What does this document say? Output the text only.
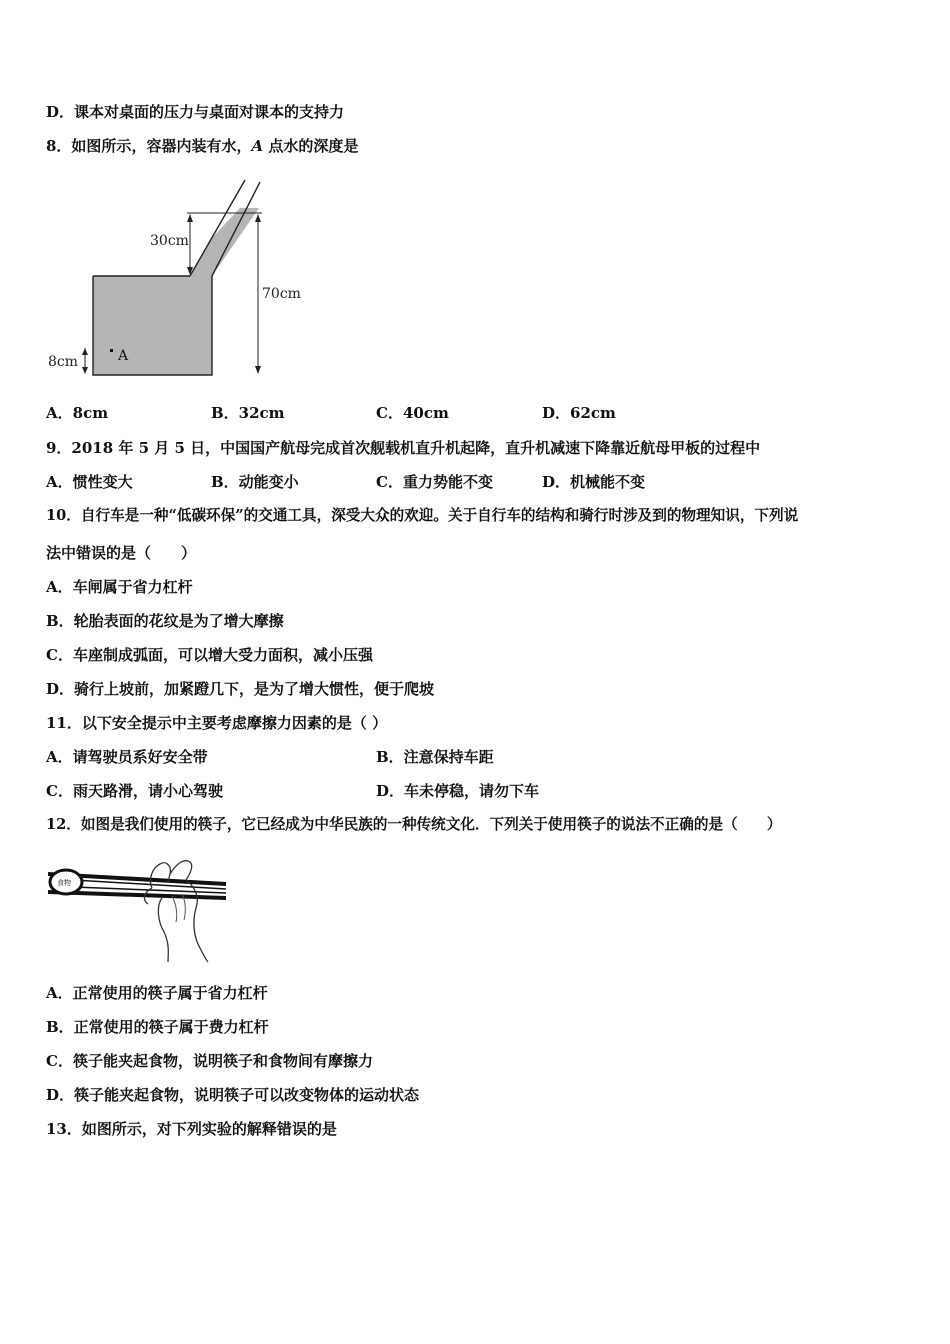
D．课本对桌面的压力与桌面对课本的支持力
8．如图所示，容器内装有水，A 点水的深度是
30cm
70cm
8cm	A
A．8cm	B．32cm	C．40cm	D．62cm
9．2018 年 5 月 5 日，中国国产航母完成首次舰载机直升机起降，直升机减速下降靠近航母甲板的过程中
A．惯性变大	B．动能变小	C．重力势能不变	D．机械能不变
10．自行车是一种“低碳环保”的交通工具，深受大众的欢迎。关于自行车的结构和骑行时涉及到的物理知识，下列说
法中错误的是（　　）
A．车闸属于省力杠杆
B．轮胎表面的花纹是为了增大摩擦
C．车座制成弧面，可以增大受力面积，减小压强
D．骑行上坡前，加紧蹬几下，是为了增大惯性，便于爬坡
11．以下安全提示中主要考虑摩擦力因素的是（ ）
A．请驾驶员系好安全带	B．注意保持车距
C．雨天路滑，请小心驾驶	D．车未停稳，请勿下车
12．如图是我们使用的筷子，它已经成为中华民族的一种传统文化．下列关于使用筷子的说法不正确的是（　　）
食物
A．正常使用的筷子属于省力杠杆
B．正常使用的筷子属于费力杠杆
C．筷子能夹起食物，说明筷子和食物间有摩擦力
D．筷子能夹起食物，说明筷子可以改变物体的运动状态
13．如图所示，对下列实验的解释错误的是
